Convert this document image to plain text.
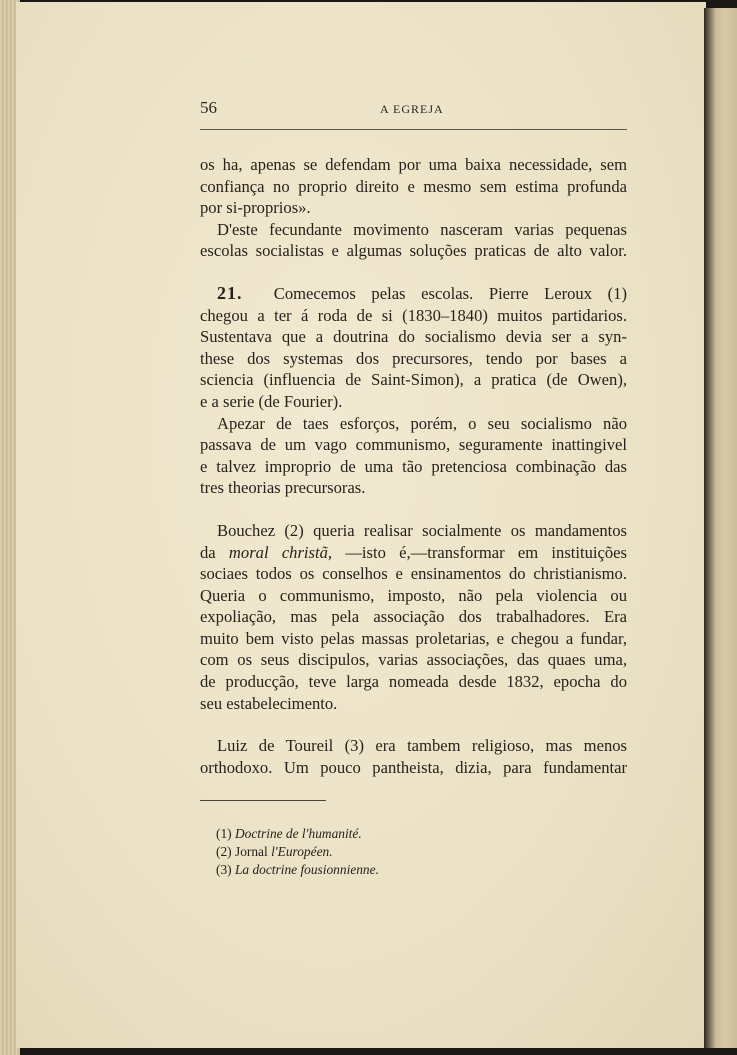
56	A EGREJA
os ha, apenas se defendam por uma baixa necessidade, sem
confiança no proprio direito e mesmo sem estima profunda
por si-proprios».
D'este fecundante movimento nasceram varias pequenas
escolas socialistas e algumas soluções praticas de alto valor.
21. Comecemos pelas escolas. Pierre Leroux (1)
chegou a ter á roda de si (1830–1840) muitos partidarios.
Sustentava que a doutrina do socialismo devia ser a syn-
these dos systemas dos precursores, tendo por bases a
sciencia (influencia de Saint-Simon), a pratica (de Owen),
e a serie (de Fourier).
Apezar de taes esforços, porém, o seu socialismo não
passava de um vago communismo, seguramente inattingivel
e talvez improprio de uma tão pretenciosa combinação das
tres theorias precursoras.
Bouchez (2) queria realisar socialmente os mandamentos
da moral christã, —isto é,—transformar em instituições
sociaes todos os conselhos e ensinamentos do christianismo.
Queria o communismo, imposto, não pela violencia ou
expoliação, mas pela associação dos trabalhadores. Era
muito bem visto pelas massas proletarias, e chegou a fundar,
com os seus discipulos, varias associações, das quaes uma,
de producção, teve larga nomeada desde 1832, epocha do
seu estabelecimento.
Luiz de Toureil (3) era tambem religioso, mas menos
orthodoxo. Um pouco pantheista, dizia, para fundamentar
(1) Doctrine de l'humanité.
(2) Jornal l'Européen.
(3) La doctrine fousionnienne.
